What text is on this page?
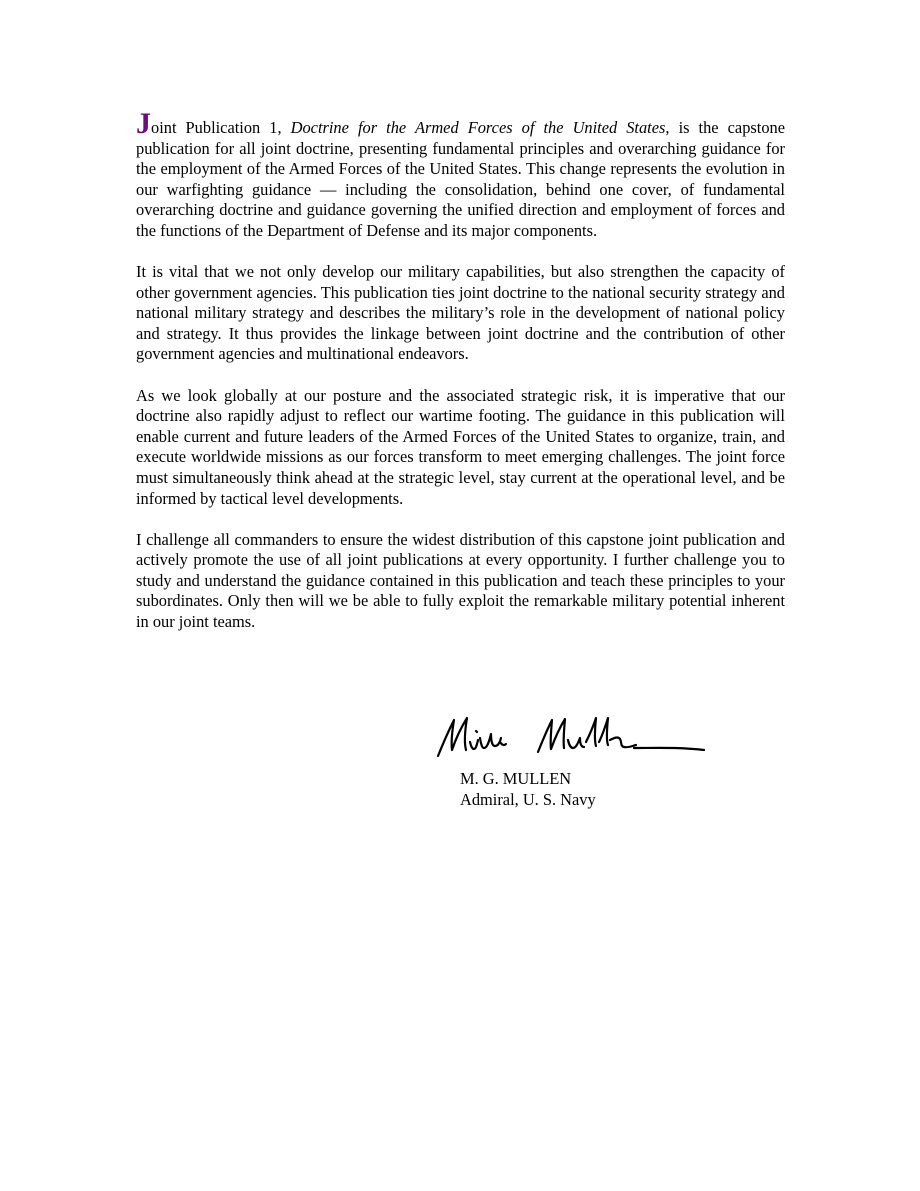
Joint Publication 1, Doctrine for the Armed Forces of the United States, is the capstone publication for all joint doctrine, presenting fundamental principles and overarching guidance for the employment of the Armed Forces of the United States. This change represents the evolution in our warfighting guidance — including the consolidation, behind one cover, of fundamental overarching doctrine and guidance governing the unified direction and employment of forces and the functions of the Department of Defense and its major components.

It is vital that we not only develop our military capabilities, but also strengthen the capacity of other government agencies. This publication ties joint doctrine to the national security strategy and national military strategy and describes the military’s role in the development of national policy and strategy. It thus provides the linkage between joint doctrine and the contribution of other government agencies and multinational endeavors.

As we look globally at our posture and the associated strategic risk, it is imperative that our doctrine also rapidly adjust to reflect our wartime footing. The guidance in this publication will enable current and future leaders of the Armed Forces of the United States to organize, train, and execute worldwide missions as our forces transform to meet emerging challenges. The joint force must simultaneously think ahead at the strategic level, stay current at the operational level, and be informed by tactical level developments.

I challenge all commanders to ensure the widest distribution of this capstone joint publication and actively promote the use of all joint publications at every opportunity. I further challenge you to study and understand the guidance contained in this publication and teach these principles to your subordinates. Only then will we be able to fully exploit the remarkable military potential inherent in our joint teams.

M. G. MULLEN
Admiral, U. S. Navy
